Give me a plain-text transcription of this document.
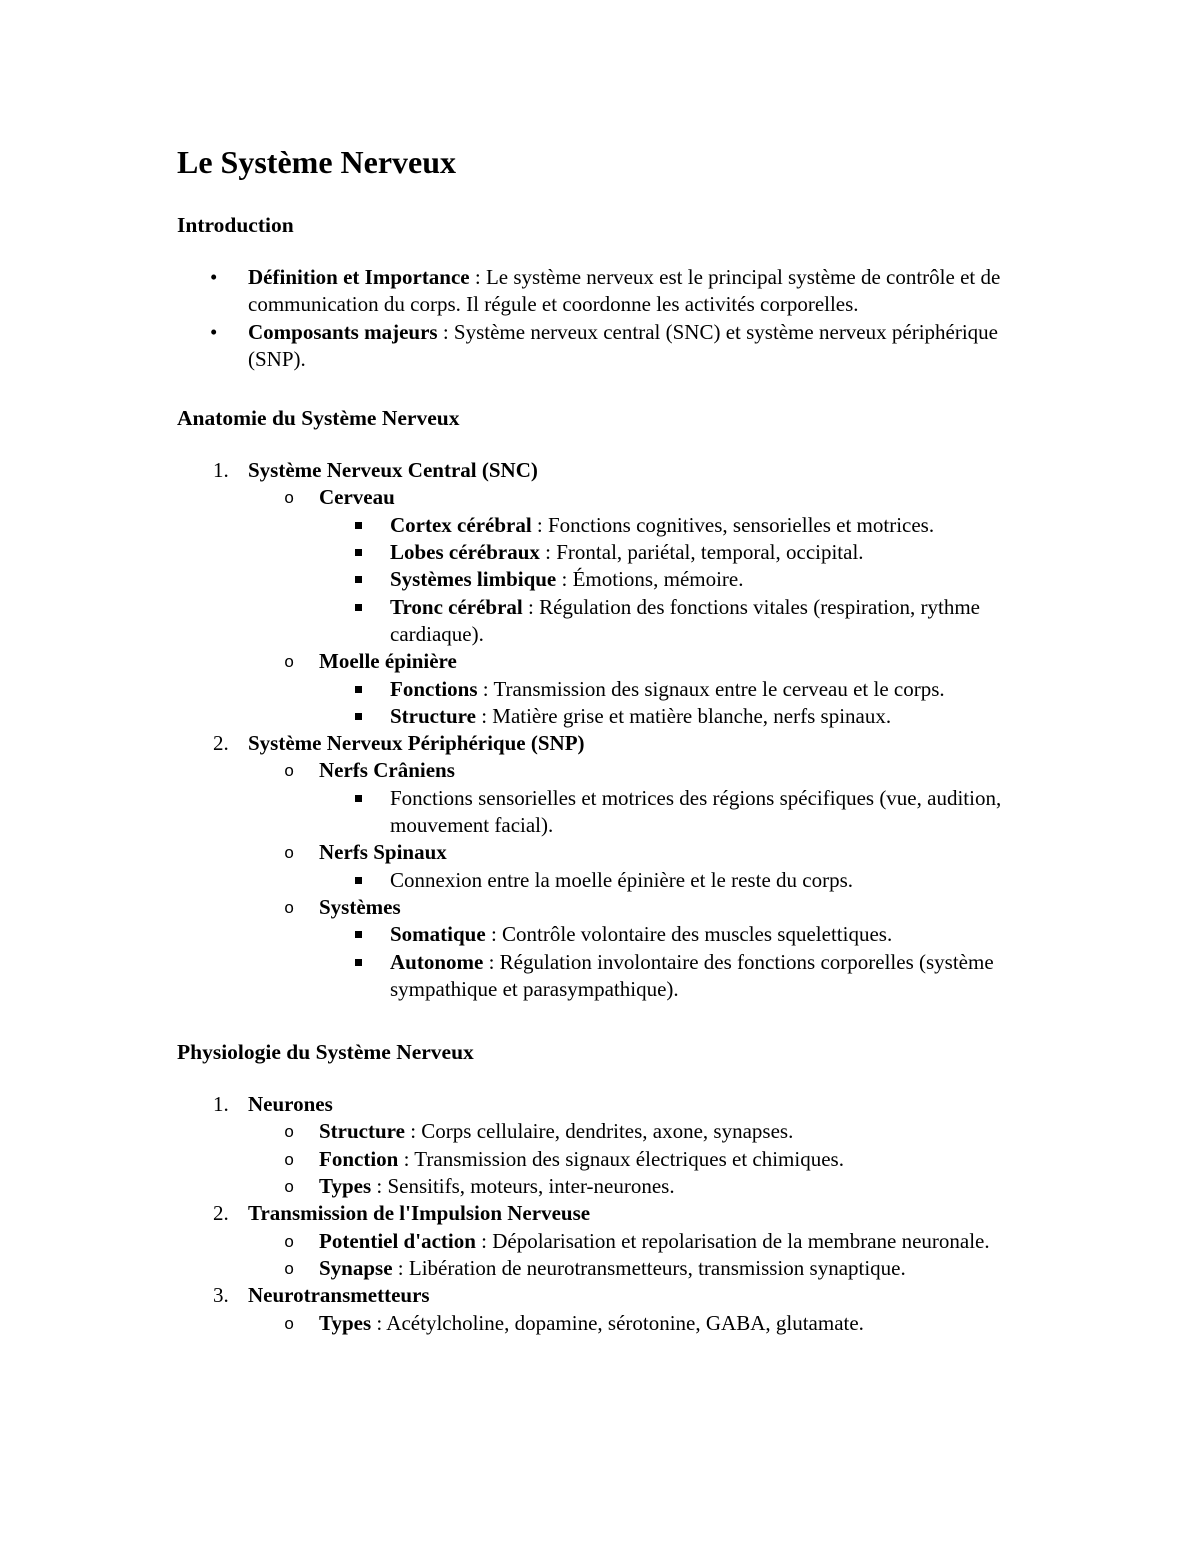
Le Système Nerveux
Introduction
• Définition et Importance : Le système nerveux est le principal système de contrôle et de communication du corps. Il régule et coordonne les activités corporelles.
• Composants majeurs : Système nerveux central (SNC) et système nerveux périphérique (SNP).
Anatomie du Système Nerveux
1. Système Nerveux Central (SNC)
o Cerveau
Cortex cérébral : Fonctions cognitives, sensorielles et motrices.
Lobes cérébraux : Frontal, pariétal, temporal, occipital.
Systèmes limbique : Émotions, mémoire.
Tronc cérébral : Régulation des fonctions vitales (respiration, rythme cardiaque).
o Moelle épinière
Fonctions : Transmission des signaux entre le cerveau et le corps.
Structure : Matière grise et matière blanche, nerfs spinaux.
2. Système Nerveux Périphérique (SNP)
o Nerfs Crâniens
Fonctions sensorielles et motrices des régions spécifiques (vue, audition, mouvement facial).
o Nerfs Spinaux
Connexion entre la moelle épinière et le reste du corps.
o Systèmes
Somatique : Contrôle volontaire des muscles squelettiques.
Autonome : Régulation involontaire des fonctions corporelles (système sympathique et parasympathique).
Physiologie du Système Nerveux
1. Neurones
o Structure : Corps cellulaire, dendrites, axone, synapses.
o Fonction : Transmission des signaux électriques et chimiques.
o Types : Sensitifs, moteurs, inter-neurones.
2. Transmission de l'Impulsion Nerveuse
o Potentiel d'action : Dépolarisation et repolarisation de la membrane neuronale.
o Synapse : Libération de neurotransmetteurs, transmission synaptique.
3. Neurotransmetteurs
o Types : Acétylcholine, dopamine, sérotonine, GABA, glutamate.
